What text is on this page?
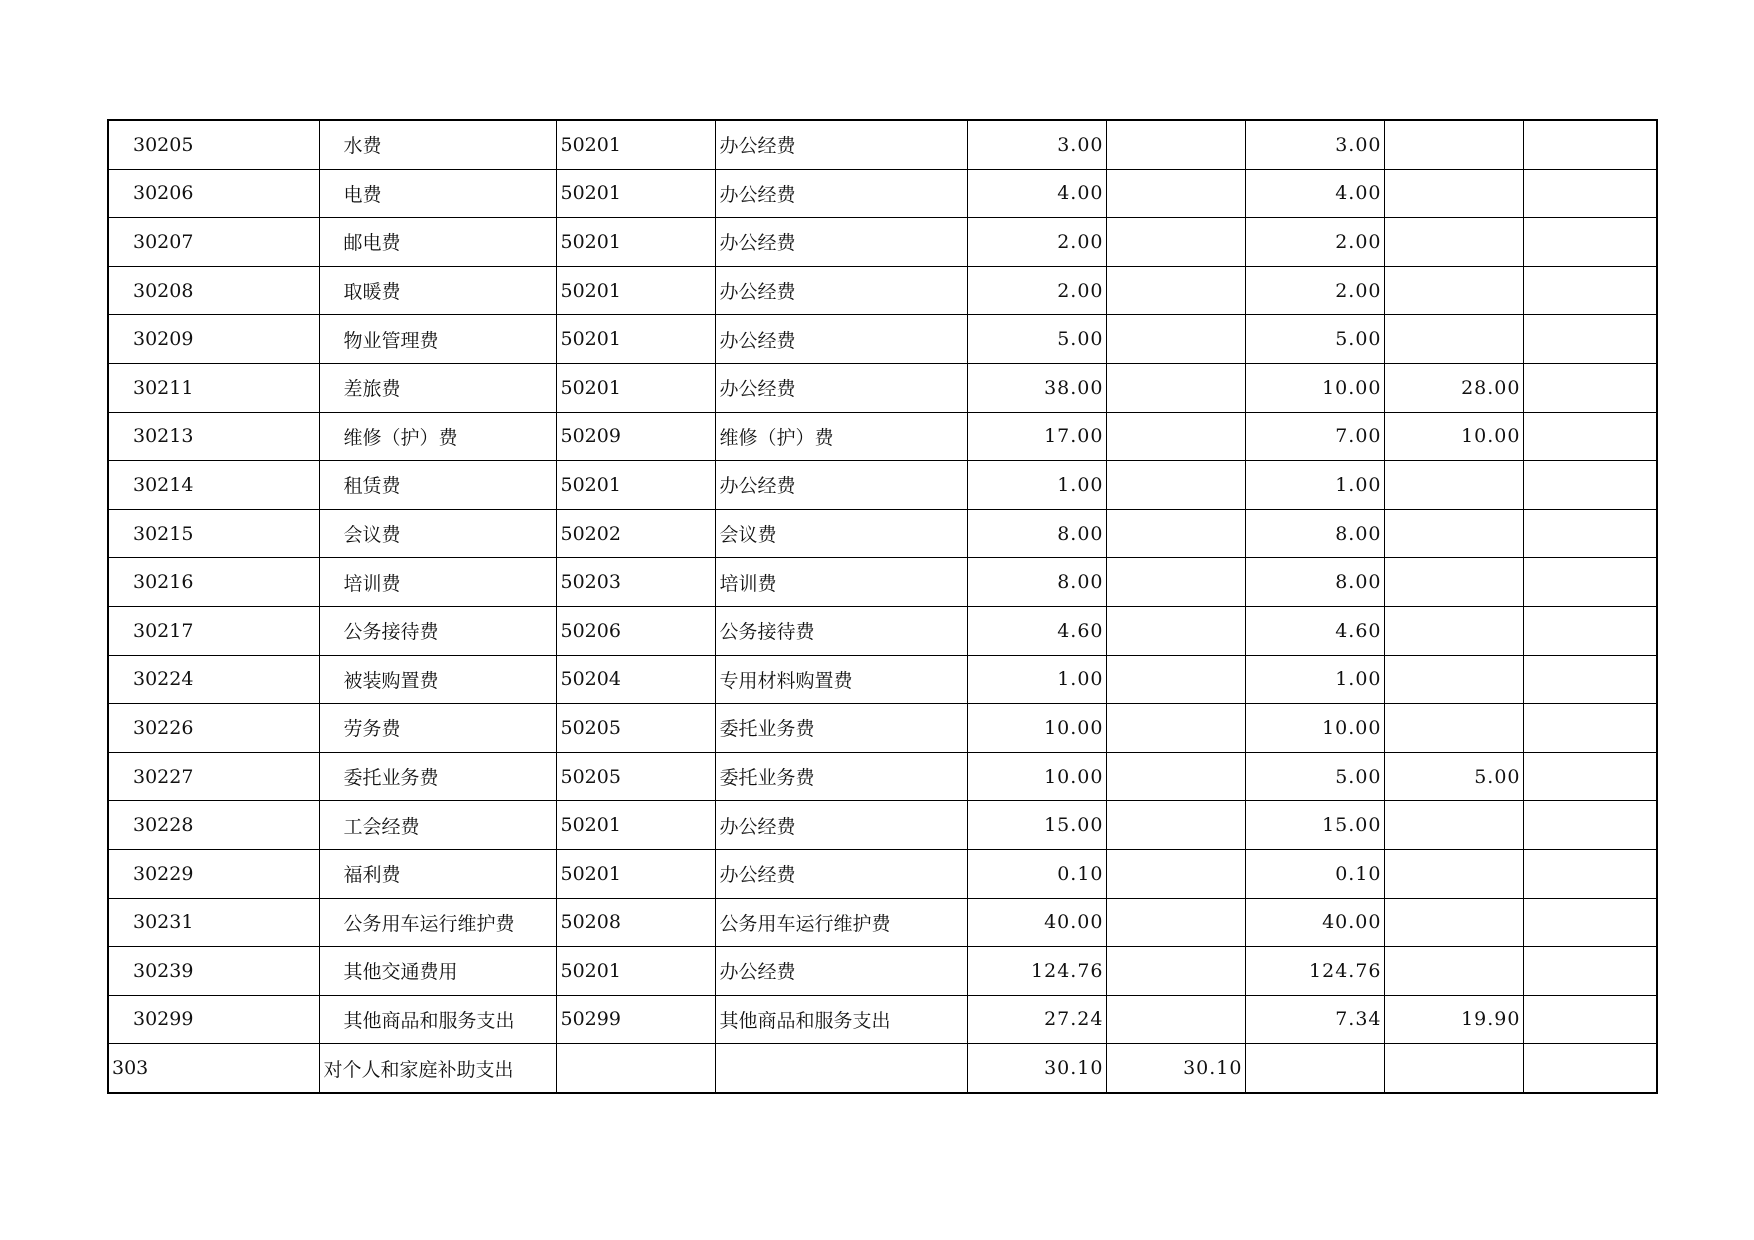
30205	水费	50201	办公经费	3.00		3.00		
30206	电费	50201	办公经费	4.00		4.00		
30207	邮电费	50201	办公经费	2.00		2.00		
30208	取暖费	50201	办公经费	2.00		2.00		
30209	物业管理费	50201	办公经费	5.00		5.00		
30211	差旅费	50201	办公经费	38.00		10.00	28.00	
30213	维修（护）费	50209	维修（护）费	17.00		7.00	10.00	
30214	租赁费	50201	办公经费	1.00		1.00		
30215	会议费	50202	会议费	8.00		8.00		
30216	培训费	50203	培训费	8.00		8.00		
30217	公务接待费	50206	公务接待费	4.60		4.60		
30224	被装购置费	50204	专用材料购置费	1.00		1.00		
30226	劳务费	50205	委托业务费	10.00		10.00		
30227	委托业务费	50205	委托业务费	10.00		5.00	5.00	
30228	工会经费	50201	办公经费	15.00		15.00		
30229	福利费	50201	办公经费	0.10		0.10		
30231	公务用车运行维护费	50208	公务用车运行维护费	40.00		40.00		
30239	其他交通费用	50201	办公经费	124.76		124.76		
30299	其他商品和服务支出	50299	其他商品和服务支出	27.24		7.34	19.90	
303	对个人和家庭补助支出			30.10	30.10			
